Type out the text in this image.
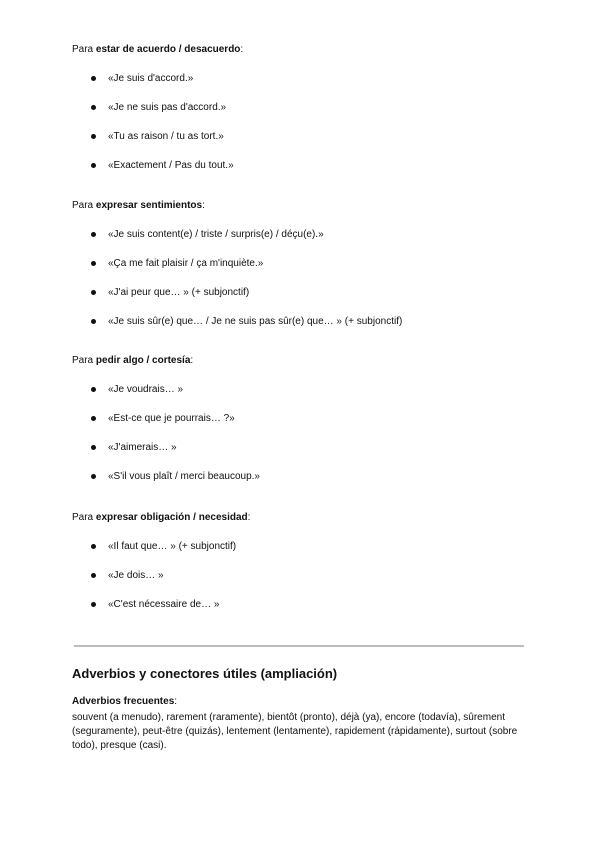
Para estar de acuerdo / desacuerdo:

«Je suis d'accord.»
«Je ne suis pas d'accord.»
«Tu as raison / tu as tort.»
«Exactement / Pas du tout.»

Para expresar sentimientos:

«Je suis content(e) / triste / surpris(e) / déçu(e).»
«Ça me fait plaisir / ça m'inquiète.»
«J'ai peur que… » (+ subjonctif)
«Je suis sûr(e) que… / Je ne suis pas sûr(e) que… » (+ subjonctif)

Para pedir algo / cortesía:

«Je voudrais… »
«Est-ce que je pourrais… ?»
«J'aimerais… »
«S'il vous plaît / merci beaucoup.»

Para expresar obligación / necesidad:

«Il faut que… » (+ subjonctif)
«Je dois… »
«C'est nécessaire de… »
Adverbios y conectores útiles (ampliación)

Adverbios frecuentes:

souvent (a menudo), rarement (raramente), bientôt (pronto), déjà (ya), encore (todavía), sûrement (seguramente), peut-être (quizás), lentement (lentamente), rapidement (rápidamente), surtout (sobre todo), presque (casi).
